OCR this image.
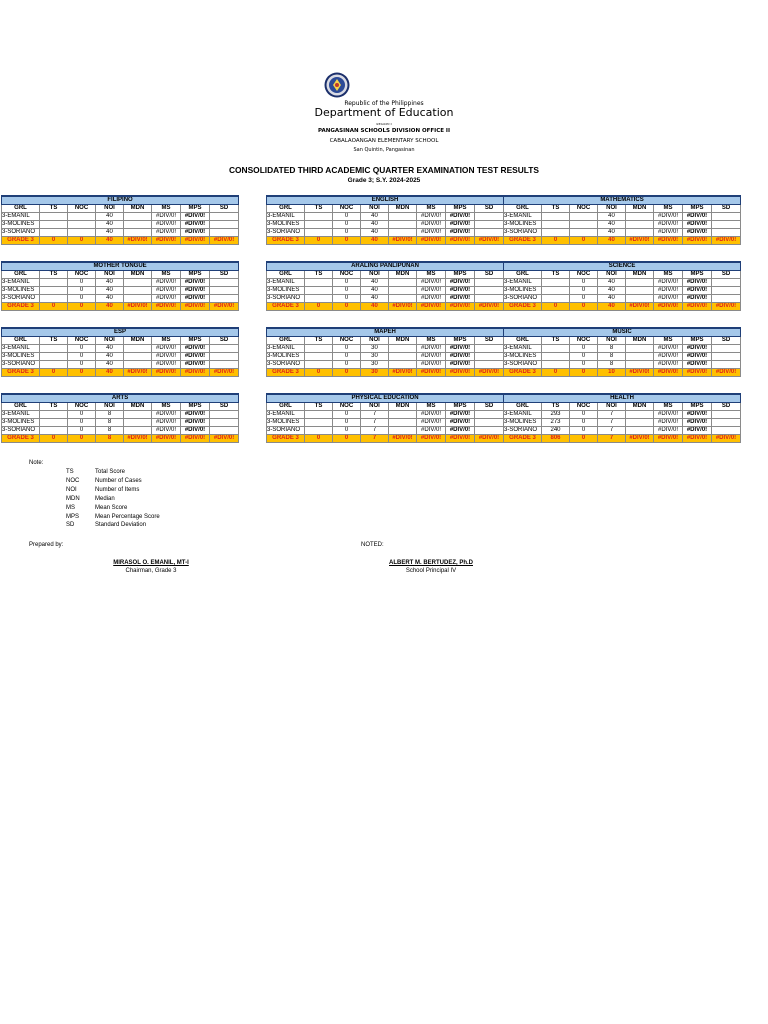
Republic of the Philippines
Department of Education
REGION I
PANGASINAN SCHOOLS DIVISION OFFICE II
CABALAOANGAN ELEMENTARY SCHOOL
San Quintin, Pangasinan
CONSOLIDATED THIRD ACADEMIC QUARTER EXAMINATION TEST RESULTS
Grade 3; S.Y. 2024-2025
FILIPINO							
GRL	TS	NOC	NOI	MDN	MS	MPS	SD
3-EMANIL			40		#DIV/0!	#DIV/0!	
3-MOLINES			40		#DIV/0!	#DIV/0!	
3-SORIANO			40		#DIV/0!	#DIV/0!	
GRADE 3	0	0	40	#DIV/0!	#DIV/0!	#DIV/0!	#DIV/0!
ENGLISH							
GRL	TS	NOC	NOI	MDN	MS	MPS	SD
3-EMANIL		0	40		#DIV/0!	#DIV/0!	
3-MOLINES		0	40		#DIV/0!	#DIV/0!	
3-SORIANO		0	40		#DIV/0!	#DIV/0!	
GRADE 3	0	0	40	#DIV/0!	#DIV/0!	#DIV/0!	#DIV/0!
MATHEMATICS							
GRL	TS	NOC	NOI	MDN	MS	MPS	SD
3-EMANIL			40		#DIV/0!	#DIV/0!	
3-MOLINES			40		#DIV/0!	#DIV/0!	
3-SORIANO			40		#DIV/0!	#DIV/0!	
GRADE 3	0	0	40	#DIV/0!	#DIV/0!	#DIV/0!	#DIV/0!
MOTHER TONGUE							
GRL	TS	NOC	NOI	MDN	MS	MPS	SD
3-EMANIL		0	40		#DIV/0!	#DIV/0!	
3-MOLINES		0	40		#DIV/0!	#DIV/0!	
3-SORIANO		0	40		#DIV/0!	#DIV/0!	
GRADE 3	0	0	40	#DIV/0!	#DIV/0!	#DIV/0!	#DIV/0!
ARALING PANLIPUNAN							
GRL	TS	NOC	NOI	MDN	MS	MPS	SD
3-EMANIL		0	40		#DIV/0!	#DIV/0!	
3-MOLINES		0	40		#DIV/0!	#DIV/0!	
3-SORIANO		0	40		#DIV/0!	#DIV/0!	
GRADE 3	0	0	40	#DIV/0!	#DIV/0!	#DIV/0!	#DIV/0!
SCIENCE							
GRL	TS	NOC	NOI	MDN	MS	MPS	SD
3-EMANIL		0	40		#DIV/0!	#DIV/0!	
3-MOLINES		0	40		#DIV/0!	#DIV/0!	
3-SORIANO		0	40		#DIV/0!	#DIV/0!	
GRADE 3	0	0	40	#DIV/0!	#DIV/0!	#DIV/0!	#DIV/0!
ESP							
GRL	TS	NOC	NOI	MDN	MS	MPS	SD
3-EMANIL		0	40		#DIV/0!	#DIV/0!	
3-MOLINES		0	40		#DIV/0!	#DIV/0!	
3-SORIANO		0	40		#DIV/0!	#DIV/0!	
GRADE 3	0	0	40	#DIV/0!	#DIV/0!	#DIV/0!	#DIV/0!
MAPEH							
GRL	TS	NOC	NOI	MDN	MS	MPS	SD
3-EMANIL		0	30		#DIV/0!	#DIV/0!	
3-MOLINES		0	30		#DIV/0!	#DIV/0!	
3-SORIANO		0	30		#DIV/0!	#DIV/0!	
GRADE 3	0	0	30	#DIV/0!	#DIV/0!	#DIV/0!	#DIV/0!
MUSIC							
GRL	TS	NOC	NOI	MDN	MS	MPS	SD
3-EMANIL		0	8		#DIV/0!	#DIV/0!	
3-MOLINES		0	8		#DIV/0!	#DIV/0!	
3-SORIANO		0	8		#DIV/0!	#DIV/0!	
GRADE 3	0	0	10	#DIV/0!	#DIV/0!	#DIV/0!	#DIV/0!
ARTS							
GRL	TS	NOC	NOI	MDN	MS	MPS	SD
3-EMANIL		0	8		#DIV/0!	#DIV/0!	
3-MOLINES		0	8		#DIV/0!	#DIV/0!	
3-SORIANO		0	8		#DIV/0!	#DIV/0!	
GRADE 3	0	0	8	#DIV/0!	#DIV/0!	#DIV/0!	#DIV/0!
PHYSICAL EDUCATION							
GRL	TS	NOC	NOI	MDN	MS	MPS	SD
3-EMANIL		0	7		#DIV/0!	#DIV/0!	
3-MOLINES		0	7		#DIV/0!	#DIV/0!	
3-SORIANO		0	7		#DIV/0!	#DIV/0!	
GRADE 3	0	0	7	#DIV/0!	#DIV/0!	#DIV/0!	#DIV/0!
HEALTH							
GRL	TS	NOC	NOI	MDN	MS	MPS	SD
3-EMANIL	293	0	7		#DIV/0!	#DIV/0!	
3-MOLINES	273	0	7		#DIV/0!	#DIV/0!	
3-SORIANO	240	0	7		#DIV/0!	#DIV/0!	
GRADE 3	806	0	7	#DIV/0!	#DIV/0!	#DIV/0!	#DIV/0!
Note:
TS	Total Score
NOC	Number of Cases
NOI	Number of Items
MDN	Median
MS	Mean Score
MPS	Mean Percentage Score
SD	Standard Deviation
Prepared by:	NOTED:
MIRASOL O. EMANIL, MT-I
Chairman, Grade 3
ALBERT M. BERTUDEZ, Ph.D
School Principal IV
